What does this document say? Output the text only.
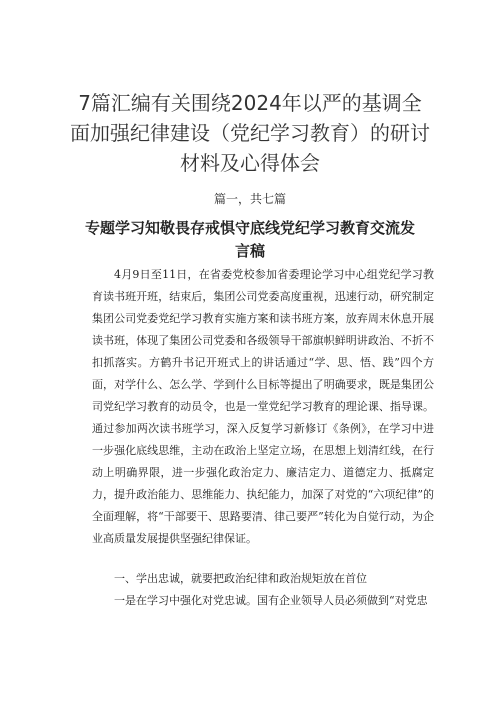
7篇汇编有关围绕2024年以严的基调全面加强纪律建设（党纪学习教育）的研讨材料及心得体会

篇一，共七篇

专题学习知敬畏存戒惧守底线党纪学习教育交流发言稿

4月9日至11日，在省委党校参加省委理论学习中心组党纪学习教育读书班开班，结束后，集团公司党委高度重视，迅速行动，研究制定集团公司党委党纪学习教育实施方案和读书班方案，放弃周末休息开展读书班，体现了集团公司党委和各级领导干部旗帜鲜明讲政治、不折不扣抓落实。方鹤升书记开班式上的讲话通过“学、思、悟、践”四个方面，对学什么、怎么学、学到什么目标等提出了明确要求，既是集团公司党纪学习教育的动员令，也是一堂党纪学习教育的理论课、指导课。通过参加两次读书班学习，深入反复学习新修订《条例》，在学习中进一步强化底线思维，主动在政治上坚定立场，在思想上划清红线，在行动上明确界限，进一步强化政治定力、廉洁定力、道德定力、抵腐定力，提升政治能力、思维能力、执纪能力，加深了对党的“六项纪律”的全面理解，将“干部要干、思路要清、律己要严”转化为自觉行动，为企业高质量发展提供坚强纪律保证。

一、学出忠诚，就要把政治纪律和政治规矩放在首位

一是在学习中强化对党忠诚。国有企业领导人员必须做到“对党忠
